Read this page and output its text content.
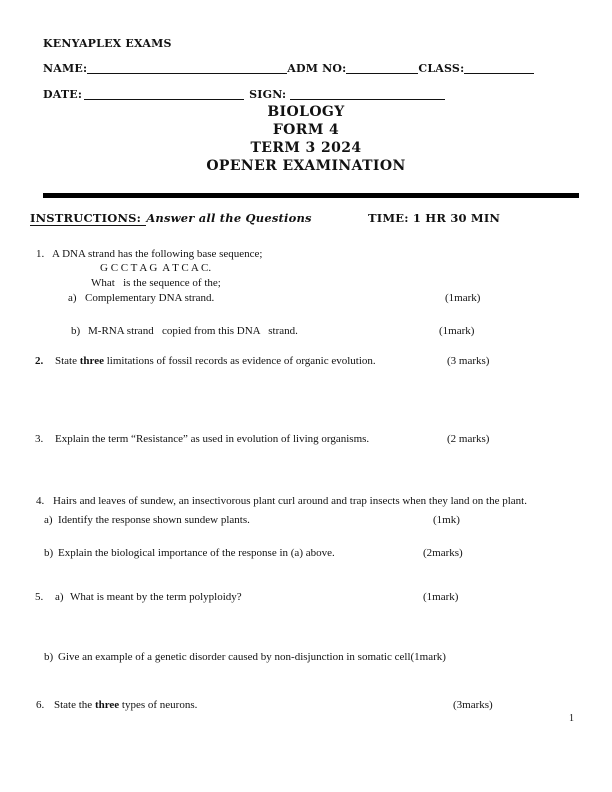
KENYAPLEX EXAMS
NAME:	ADM NO:	CLASS:
DATE:	SIGN:
BIOLOGY
FORM 4
TERM 3 2024
OPENER EXAMINATION
INSTRUCTIONS: Answer all the Questions	TIME: 1 HR 30 MIN
1. A DNA strand has the following base sequence;
G C C T A G  A T C A C.
What   is the sequence of the;
a) Complementary DNA strand.	(1mark)
b) M-RNA strand   copied from this DNA   strand.	(1mark)
2. State three limitations of fossil records as evidence of organic evolution.	(3 marks)
3. Explain the term “Resistance” as used in evolution of living organisms.	(2 marks)
4. Hairs and leaves of sundew, an insectivorous plant curl around and trap insects when they land on the plant.
a) Identify the response shown sundew plants.	(1mk)
b) Explain the biological importance of the response in (a) above.	(2marks)
5. a) What is meant by the term polyploidy?	(1mark)
b) Give an example of a genetic disorder caused by non-disjunction in somatic cell(1mark)
6. State the three types of neurons.	(3marks)
1
